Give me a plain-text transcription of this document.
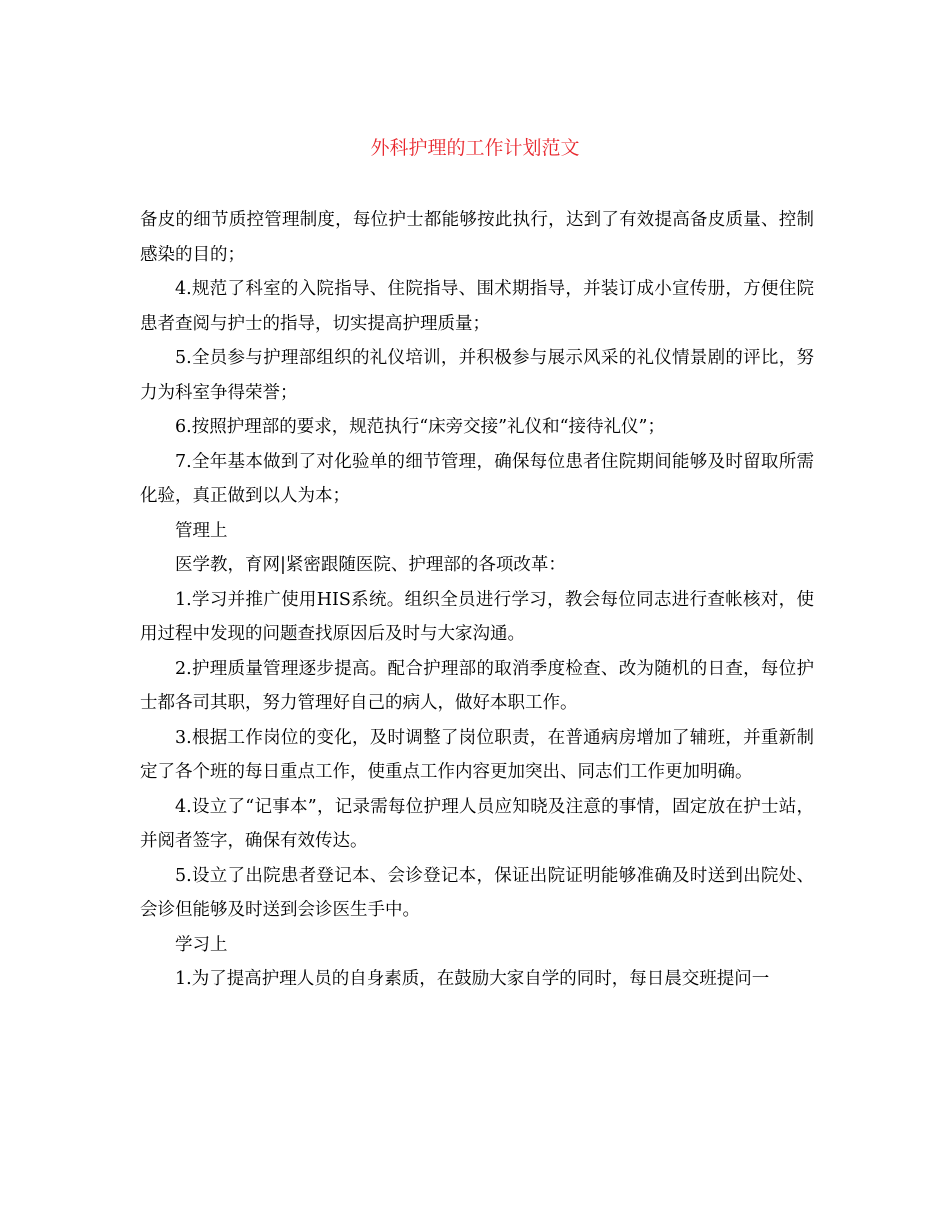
外科护理的工作计划范文

备皮的细节质控管理制度，每位护士都能够按此执行，达到了有效提高备皮质量、控制感染的目的；

4.规范了科室的入院指导、住院指导、围术期指导，并装订成小宣传册，方便住院患者查阅与护士的指导，切实提高护理质量；

5.全员参与护理部组织的礼仪培训，并积极参与展示风采的礼仪情景剧的评比，努力为科室争得荣誉；

6.按照护理部的要求，规范执行“床旁交接”礼仪和“接待礼仪”；

7.全年基本做到了对化验单的细节管理，确保每位患者住院期间能够及时留取所需化验，真正做到以人为本；

管理上

医学教，育网|紧密跟随医院、护理部的各项改革：

1.学习并推广使用HIS系统。组织全员进行学习，教会每位同志进行查帐核对，使用过程中发现的问题查找原因后及时与大家沟通。

2.护理质量管理逐步提高。配合护理部的取消季度检查、改为随机的日查，每位护士都各司其职，努力管理好自己的病人，做好本职工作。

3.根据工作岗位的变化，及时调整了岗位职责，在普通病房增加了辅班，并重新制定了各个班的每日重点工作，使重点工作内容更加突出、同志们工作更加明确。

4.设立了“记事本”，记录需每位护理人员应知晓及注意的事情，固定放在护士站，并阅者签字，确保有效传达。

5.设立了出院患者登记本、会诊登记本，保证出院证明能够准确及时送到出院处、会诊但能够及时送到会诊医生手中。

学习上

1.为了提高护理人员的自身素质，在鼓励大家自学的同时，每日晨交班提问一
